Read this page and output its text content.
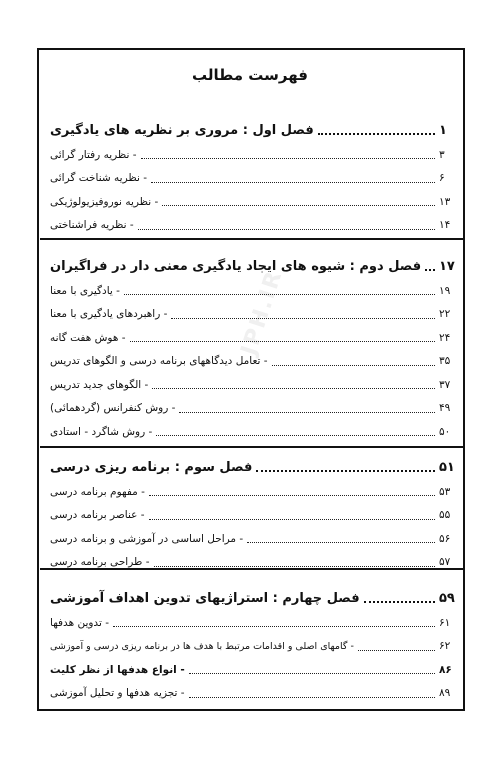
فهرست مطالب
JPH.IR
فصل اول : مروری بر نظریه های یادگیری	۱
- نظریه رفتار گرائی	۳
- نظریه شناخت گرائی	۶
- نظریه نوروفیزیولوژیکی	۱۳
- نظریه فراشناختی	۱۴
فصل دوم : شیوه های ایجاد یادگیری معنی دار در فراگیران ۱۷
- یادگیری با معنا	۱۹
- راهبردهای یادگیری با معنا	۲۲
- هوش هفت گانه	۲۴
- تعامل دیدگاههای برنامه درسی و الگوهای تدریس	۳۵
- الگوهای جدید تدریس	۳۷
- روش کنفرانس (گردهمائی)	۴۹
- روش شاگرد - استادی	۵۰
فصل سوم : برنامه ریزی درسی	۵۱
- مفهوم برنامه درسی	۵۳
- عناصر برنامه درسی	۵۵
- مراحل اساسی در آموزشی و برنامه درسی	۵۶
- طراحی برنامه درسی	۵۷
فصل چهارم : استراژیهای تدوین اهداف آموزشی	۵۹
- تدوین هدفها	۶۱
- گامهای اصلی و اقدامات مرتبط با هدف ها در برنامه ریزی درسی و آموزشی	۶۲
- انواع هدفها از نظر کلیت	۸۶
- تجزیه هدفها و تحلیل آموزشی	۸۹
